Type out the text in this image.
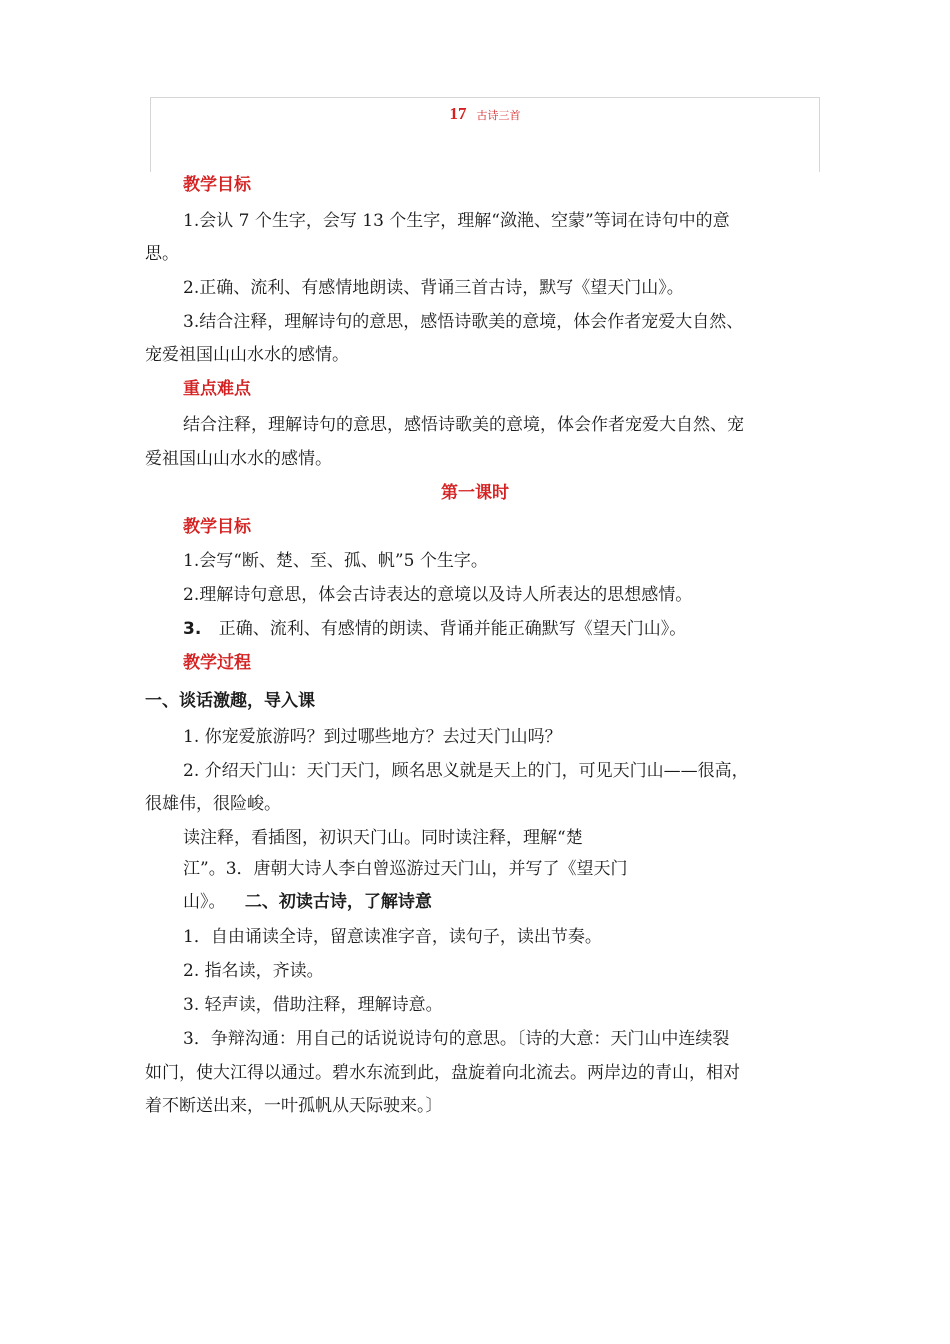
17 古诗三首
教学目标
1.会认 7 个生字，会写 13 个生字，理解“潋滟、空蒙”等词在诗句中的意
思。
2.正确、流利、有感情地朗读、背诵三首古诗，默写《望天门山》。
3.结合注释，理解诗句的意思，感悟诗歌美的意境，体会作者宠爱大自然、
宠爱祖国山山水水的感情。
重点难点
结合注释，理解诗句的意思，感悟诗歌美的意境，体会作者宠爱大自然、宠
爱祖国山山水水的感情。
第一课时
教学目标
1.会写“断、楚、至、孤、帆”5 个生字。
2.理解诗句意思，体会古诗表达的意境以及诗人所表达的思想感情。
3. 正确、流利、有感情的朗读、背诵并能正确默写《望天门山》。
教学过程
一、谈话激趣，导入课
1. 你宠爱旅游吗？到过哪些地方？去过天门山吗？
2. 介绍天门山：天门天门，顾名思义就是天上的门，可见天门山——很高，
很雄伟，很险峻。
读注释，看插图，初识天门山。同时读注释，理解“楚
江”。3．唐朝大诗人李白曾巡游过天门山，并写了《望天门
山》。 二、初读古诗，了解诗意
1．自由诵读全诗，留意读准字音，读句子，读出节奏。
2. 指名读，齐读。
3. 轻声读，借助注释，理解诗意。
3．争辩沟通：用自己的话说说诗句的意思。〔诗的大意：天门山中连续裂
如门，使大江得以通过。碧水东流到此，盘旋着向北流去。两岸边的青山，相对
着不断送出来，一叶孤帆从天际驶来。〕
